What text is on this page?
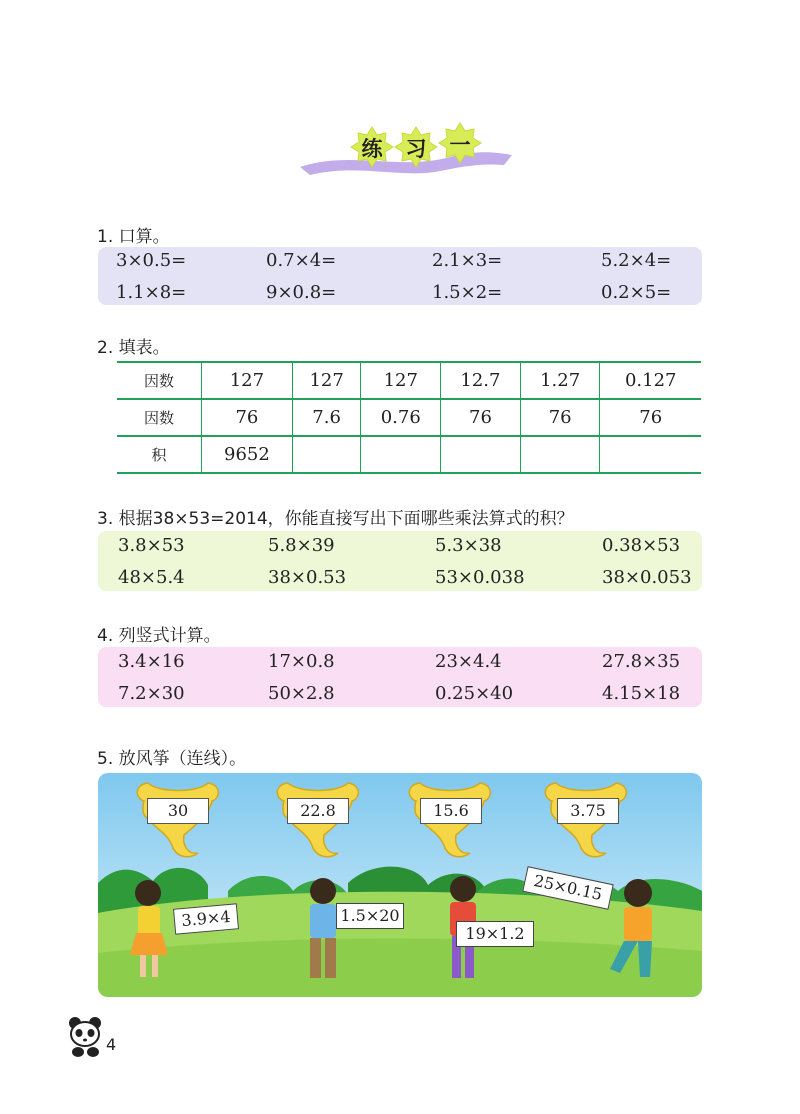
练	习	一
1. 口算。
3×0.5=	0.7×4=	2.1×3=	5.2×4=
1.1×8=	9×0.8=	1.5×2=	0.2×5=
2. 填表。
因数	127	127	127	12.7	1.27	0.127
因数	76	7.6	0.76	76	76	76
积	9652					
3. 根据38×53=2014，你能直接写出下面哪些乘法算式的积？
3.8×53	5.8×39	5.3×38	0.38×53
48×5.4	38×0.53	53×0.038	38×0.053
4. 列竖式计算。
3.4×16	17×0.8	23×4.4	27.8×35
7.2×30	50×2.8	0.25×40	4.15×18
5. 放风筝（连线）。
30	22.8	15.6	3.75
3.9×4	1.5×20
19×1.2
25×0.15
4
